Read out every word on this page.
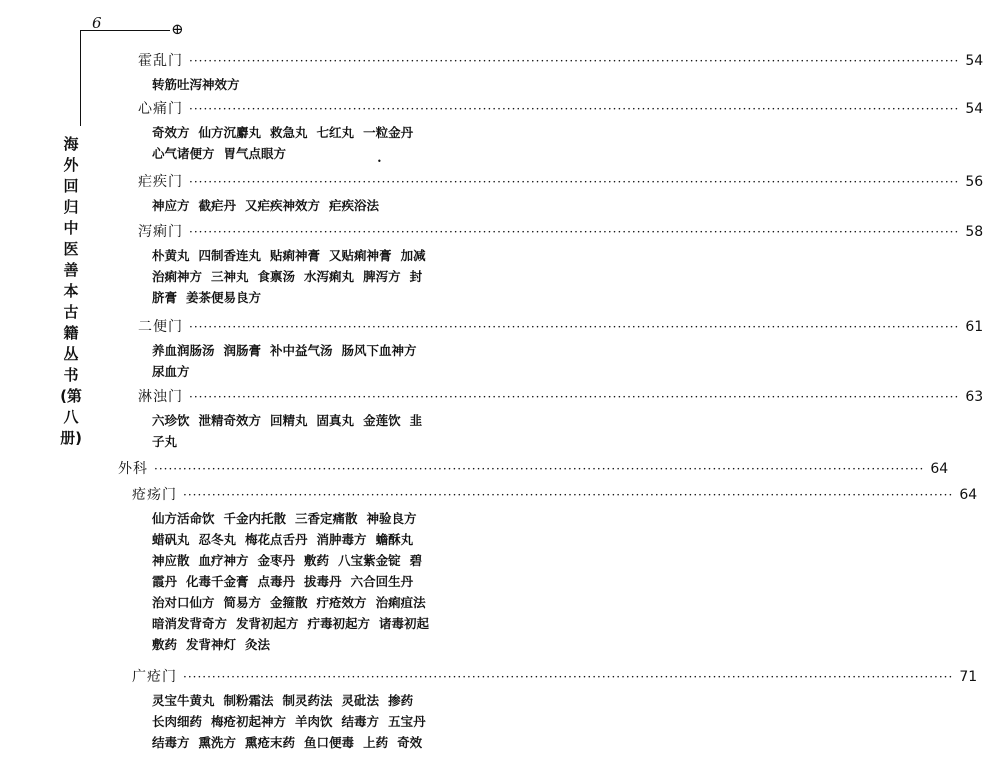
6	⊕
海
外
回
归
中
医
善
本
古
籍
丛
书
(第
八
册)
•
霍乱门 ································································································································································ 54
转筋吐泻神效方
心痛门 ································································································································································ 54
奇效方 仙方沉麝丸 救急丸 七红丸 一粒金丹
心气诸便方 胃气点眼方
疟疾门 ································································································································································ 56
神应方 截疟丹 又疟疾神效方 疟疾浴法
泻痢门 ································································································································································ 58
朴黄丸 四制香连丸 贴痢神膏 又贴痢神膏 加减
治痢神方 三神丸 食禀汤 水泻痢丸 脾泻方 封
脐膏 姜茶便易良方
二便门 ································································································································································ 61
养血润肠汤 润肠膏 补中益气汤 肠风下血神方
尿血方
淋浊门 ································································································································································ 63
六珍饮 泄精奇效方 回精丸 固真丸 金莲饮 韭
子丸
外科 ································································································································································ 64
疮疡门 ································································································································································ 64
仙方活命饮 千金内托散 三香定痛散 神验良方
蜡矾丸 忍冬丸 梅花点舌丹 消肿毒方 蟾酥丸
神应散 血疗神方 金枣丹 敷药 八宝紫金锭 碧
霞丹 化毒千金膏 点毒丹 拔毒丹 六合回生丹
治对口仙方 简易方 金箍散 疔疮效方 治痢疽法
暗消发背奇方 发背初起方 疔毒初起方 诸毒初起
敷药 发背神灯 灸法
广疮门 ································································································································································ 71
灵宝牛黄丸 制粉霜法 制灵药法 灵砒法 掺药
长肉细药 梅疮初起神方 羊肉饮 结毒方 五宝丹
结毒方 熏洗方 熏疮末药 鱼口便毒 上药 奇效
